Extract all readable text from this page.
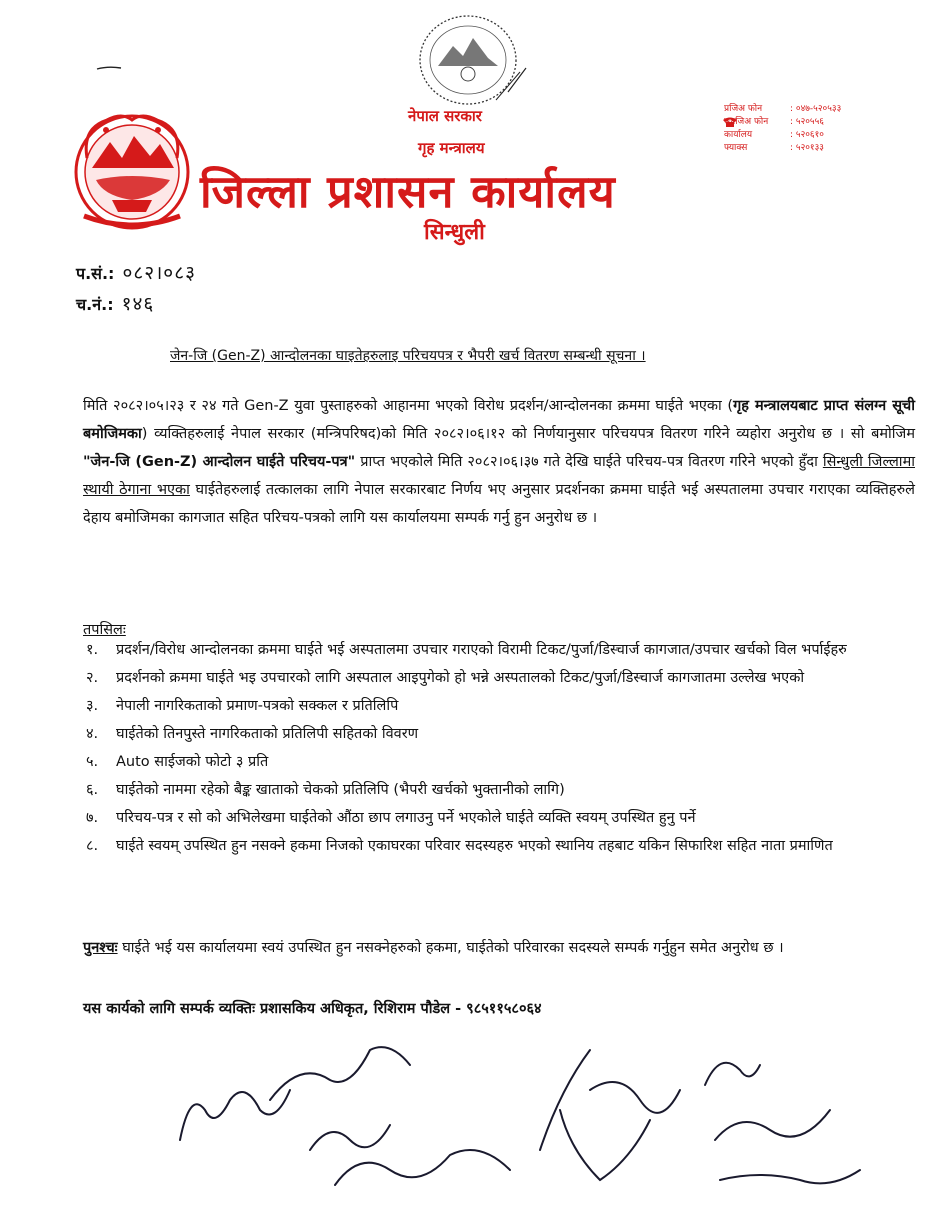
नेपाल सरकार
गृह मन्त्रालय
जिल्ला प्रशासन कार्यालय
सिन्धुली
प्रजिअ फोन	: ०४७-५२०५३३
सप्रजिअ फोन	: ५२०५५६
कार्यालय	: ५२०६१०
फ्याक्स	: ५२०१३३
प.सं.: ०८२।०८३
च.नं.: १४६
जेन-जि (Gen-Z) आन्दोलनका घाइतेहरुलाइ परिचयपत्र र भैपरी खर्च वितरण सम्बन्धी सूचना ।
मिति २०८२।०५।२३ र २४ गते Gen-Z युवा पुस्ताहरुको आहानमा भएको विरोध प्रदर्शन/आन्दोलनका क्रममा घाईते भएका (गृह मन्त्रालयबाट प्राप्त संलग्न सूची बमोजिमका) व्यक्तिहरुलाई नेपाल सरकार (मन्त्रिपरिषद)को मिति २०८२।०६।१२ को निर्णयानुसार परिचयपत्र वितरण गरिने व्यहोरा अनुरोध छ । सो बमोजिम "जेन-जि (Gen-Z) आन्दोलन घाईते परिचय-पत्र" प्राप्त भएकोले मिति २०८२।०६।३७ गते देखि घाईते परिचय-पत्र वितरण गरिने भएको हुँदा सिन्धुली जिल्लामा स्थायी ठेगाना भएका घाईतेहरुलाई तत्कालका लागि नेपाल सरकारबाट निर्णय भए अनुसार प्रदर्शनका क्रममा घाईते भई अस्पतालमा उपचार गराएका व्यक्तिहरुले देहाय बमोजिमका कागजात सहित परिचय-पत्रको लागि यस कार्यालयमा सम्पर्क गर्नु हुन अनुरोध छ ।
तपसिलः
१.	प्रदर्शन/विरोध आन्दोलनका क्रममा घाईते भई अस्पतालमा उपचार गराएको विरामी टिकट/पुर्जा/डिस्चार्ज कागजात/उपचार खर्चको विल भर्पाईहरु
२.	प्रदर्शनको क्रममा घाईते भइ उपचारको लागि अस्पताल आइपुगेको हो भन्ने अस्पतालको टिकट/पुर्जा/डिस्चार्ज कागजातमा उल्लेख भएको
३.	नेपाली नागरिकताको प्रमाण-पत्रको सक्कल र प्रतिलिपि
४.	घाईतेको तिनपुस्ते नागरिकताको प्रतिलिपी सहितको विवरण
५.	Auto साईजको फोटो ३ प्रति
६.	घाईतेको नाममा रहेको बैङ्क खाताको चेकको प्रतिलिपि (भैपरी खर्चको भुक्तानीको लागि)
७.	परिचय-पत्र र सो को अभिलेखमा घाईतेको औंठा छाप लगाउनु पर्ने भएकोले घाईते व्यक्ति स्वयम् उपस्थित हुनु पर्ने
८.	घाईते स्वयम् उपस्थित हुन नसक्ने हकमा निजको एकाघरका परिवार सदस्यहरु भएको स्थानिय तहबाट यकिन सिफारिश सहित नाता प्रमाणित
पुनश्चः घाईते भई यस कार्यालयमा स्वयं उपस्थित हुन नसक्नेहरुको हकमा, घाईतेको परिवारका सदस्यले सम्पर्क गर्नुहुन समेत अनुरोध छ ।
यस कार्यको लागि सम्पर्क व्यक्तिः प्रशासकिय अधिकृत, रिशिराम पौडेल - ९८५११५८०६४
